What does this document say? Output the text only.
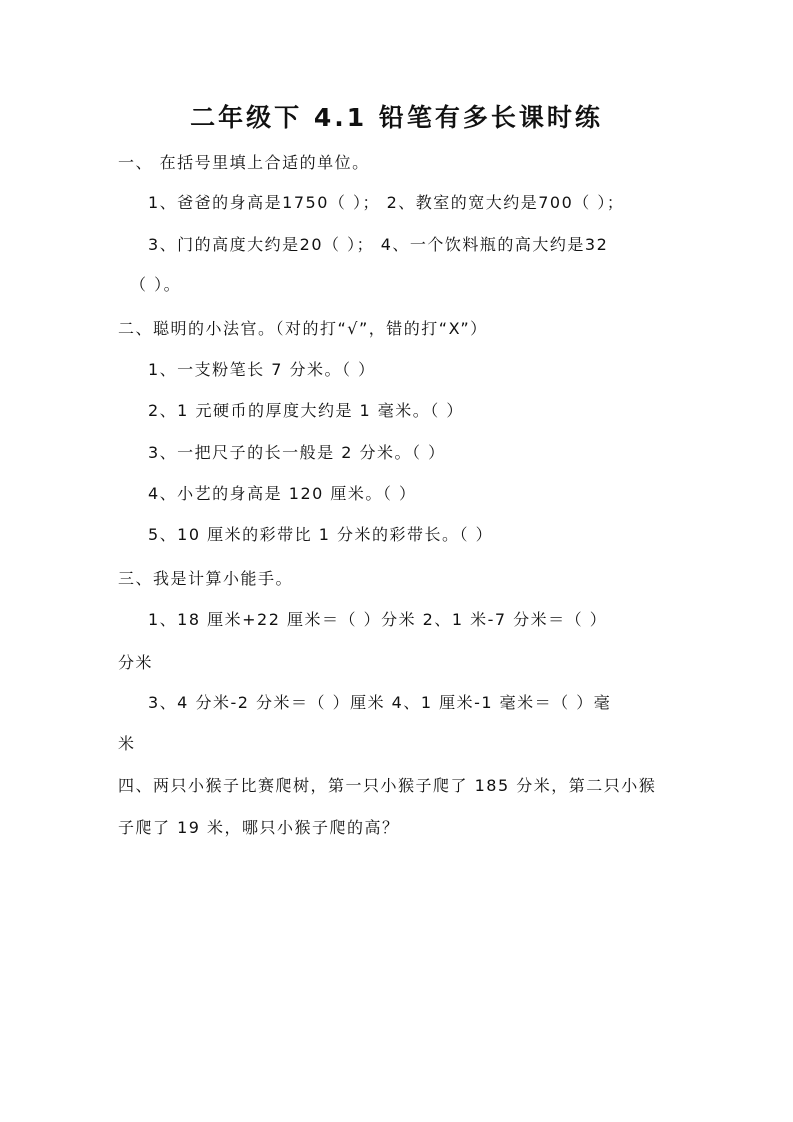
二年级下 4.1 铅笔有多长课时练
一、 在括号里填上合适的单位。
1、爸爸的身高是1750（ ）； 2、教室的宽大约是700（ ）；
3、门的高度大约是20（ ）； 4、一个饮料瓶的高大约是32
（ ）。
二、聪明的小法官。（对的打“√”，错的打“X”）
1、一支粉笔长 7 分米。（ ）
2、1 元硬币的厚度大约是 1 毫米。（ ）
3、一把尺子的长一般是 2 分米。（ ）
4、小艺的身高是 120 厘米。（ ）
5、10 厘米的彩带比 1 分米的彩带长。（ ）
三、我是计算小能手。
1、18 厘米+22 厘米＝（ ）分米 2、1 米-7 分米＝（ ）
分米
3、4 分米-2 分米＝（ ）厘米 4、1 厘米-1 毫米＝（ ）毫
米
四、两只小猴子比赛爬树，第一只小猴子爬了 185 分米，第二只小猴
子爬了 19 米，哪只小猴子爬的高？
